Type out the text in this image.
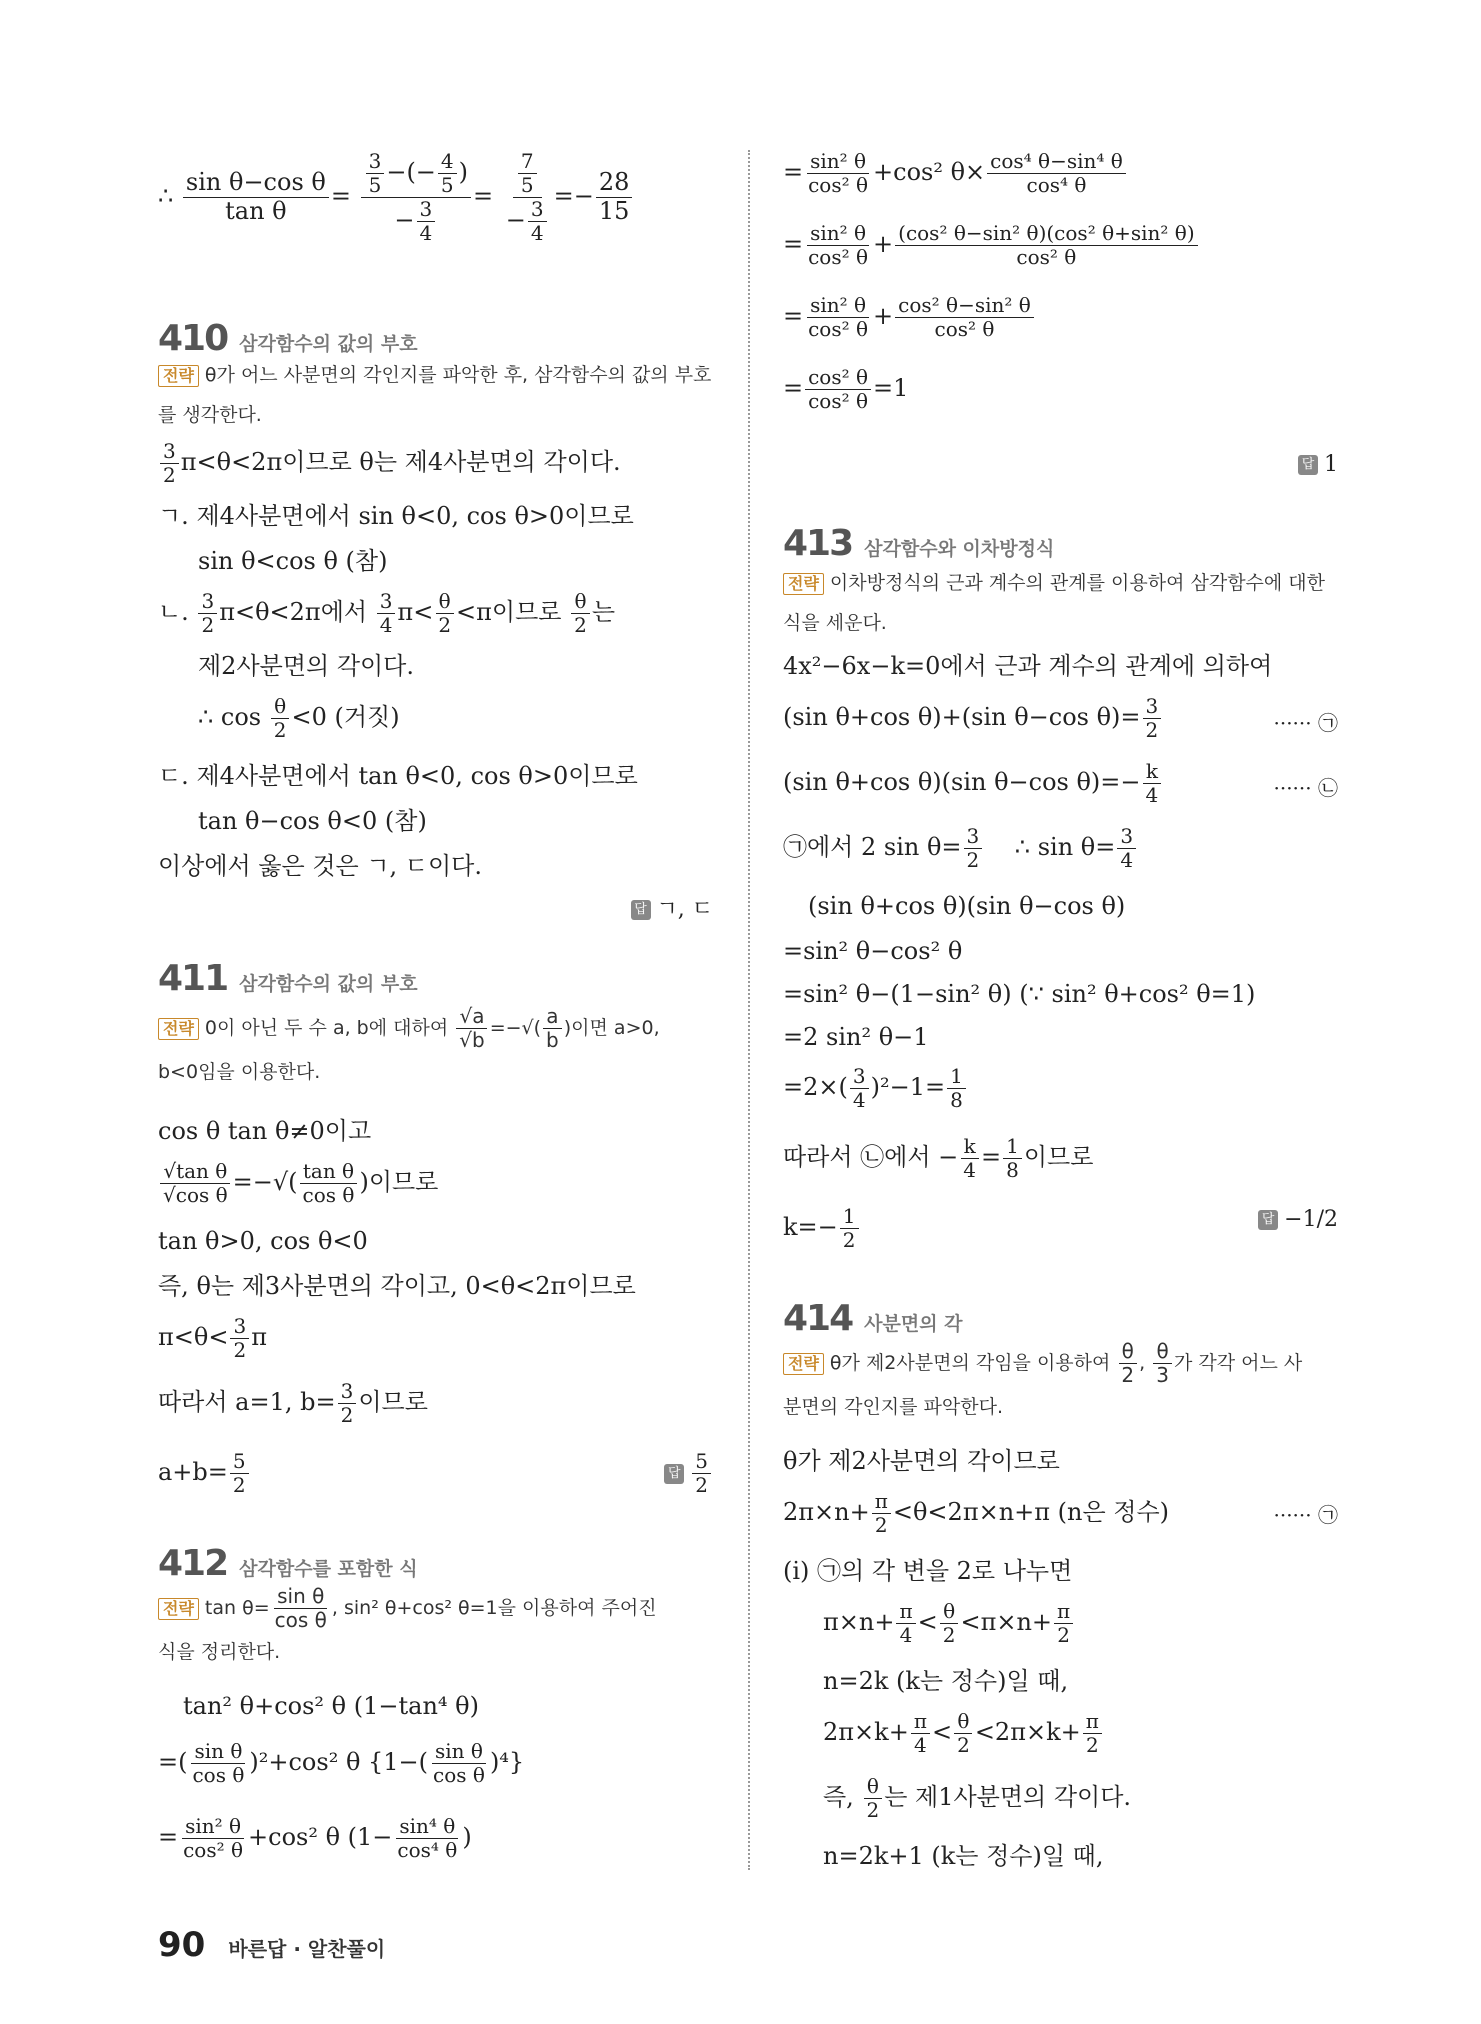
∴ $\frac{\text{sin θ−cos θ}}{\text{tan θ}} = \frac{\frac{3}{5} -(- \frac{4}{5} )}{- \frac{3}{4}} = \frac{\frac{7}{5}}{- \frac{3}{4}} =- \frac{28}{15}$
410 삼각함수의 값의 부호
전략 θ가 어느 사분면의 각인지를 파악한 후, 삼각함수의 값의 부호를 생각한다.
$\frac{3}{2} \pi<\theta<2\pi$이므로 θ는 제4사분면의 각이다.
ㄱ. 제4사분면에서 sin θ<0, cos θ>0이므로
sin θ<cos θ (참)
ㄴ. $\frac{3}{2} \pi<\theta<2\pi$에서 $\frac{3}{4} \pi< \frac{\theta}{2} <\pi$이므로 $\frac{\theta}{2}$ 는
제2사분면의 각이다.
∴ $\cos \frac{\theta}{2} <0$ (거짓)
ㄷ. 제4사분면에서 tan θ<0, cos θ>0이므로
tan θ−cos θ<0 (참)
이상에서 옳은 것은 ㄱ, ㄷ이다.
답 ㄱ, ㄷ
411 삼각함수의 값의 부호
전략 0이 아닌 두 수 a, b에 대하여 $\frac{√a}{√b}$ =−√( $\frac{a}{b}$ )이면 a>0,
b<0임을 이용한다.
cos θ tan θ≠0이고
$\frac{\text{√tan θ}}{\text{√cos θ}}$ =−√( $\frac{\text{tan θ}}{\text{cos θ}}$ )이므로
tan θ>0, cos θ<0
즉, θ는 제3사분면의 각이고, 0<θ<2π이므로
$\pi<\theta< \frac{3}{2}$ π
따라서 a=1, $b= \frac{3}{2}$ 이므로
$a+b= \frac{5}{2}$	답 $\frac{5}{2}$
412 삼각함수를 포함한 식
전략 $\tan \theta= \frac{\text{sin θ}}{\text{cos θ}}$ , sin² θ+cos² θ=1을 이용하여 주어진
식을 정리한다.
tan² θ+cos² θ (1−tan⁴ θ)
=( $\frac{\text{sin θ}}{\text{cos θ}} )^2+\cos^2$ θ $\{1-( \frac{\text{sin θ}}{\text{cos θ}} )^4\}$
= $\frac{\text{sin² θ}}{\text{cos² θ}} +\cos^2$ θ ($1- \frac{\text{sin⁴ θ}}{\text{cos⁴ θ}}$ )
= $\frac{\text{sin² θ}}{\text{cos² θ}} +\cos^2$ $\theta\times \frac{\text{cos⁴ θ−sin⁴ θ}}{\text{cos⁴ θ}}$
= $\frac{\text{sin² θ}}{\text{cos² θ}} + \frac{\text{(cos² θ−sin² θ)(cos² θ+sin² θ)}}{\text{cos² θ}}$
= $\frac{\text{sin² θ}}{\text{cos² θ}} + \frac{\text{cos² θ−sin² θ}}{\text{cos² θ}}$
= $\frac{\text{cos² θ}}{\text{cos² θ}} =1$
답 1
413 삼각함수와 이차방정식
전략 이차방정식의 근과 계수의 관계를 이용하여 삼각함수에 대한 식을 세운다.
4x²−6x−k=0에서 근과 계수의 관계에 의하여
(sin θ+cos θ)+(sin θ−cos $\theta)= \frac{3}{2}$	······ ㉠
(sin θ+cos θ)(sin θ−cos $\theta)=- \frac{k}{4}$	······ ㉡
㉠에서 2 $\sin \theta= \frac{3}{2}$ ∴ $\sin \theta= \frac{3}{4}$
(sin θ+cos θ)(sin θ−cos θ)
=sin² θ−cos² θ
=sin² θ−(1−sin² θ) (∵ sin² θ+cos² θ=1)
=2 sin² θ−1
$=2\times( \frac{3}{4} )^2-1= \frac{1}{8}$
따라서 ㉡에서 − $\frac{k}{4} = \frac{1}{8}$ 이므로
$k=- \frac{1}{2}$	답 −1/2
414 사분면의 각
전략 θ가 제2사분면의 각임을 이용하여 $\frac{\theta}{2}$ , $\frac{\theta}{3}$ 가 각각 어느 사
분면의 각인지를 파악한다.
θ가 제2사분면의 각이므로
$2\pi\times n+ \frac{\pi}{2} <\theta<2\pi\times n+\pi$ (n은 정수)	······ ㉠
(i) ㉠의 각 변을 2로 나누면
$\pi\times n+ \frac{\pi}{4} < \frac{\theta}{2} <\pi\times n+ \frac{\pi}{2}$
n=2k (k는 정수)일 때,
$2\pi\times k+ \frac{\pi}{4} < \frac{\theta}{2} <2\pi\times k+ \frac{\pi}{2}$
즉, $\frac{\theta}{2}$ 는 제1사분면의 각이다.
n=2k+1 (k는 정수)일 때,
90 바른답 · 알찬풀이
